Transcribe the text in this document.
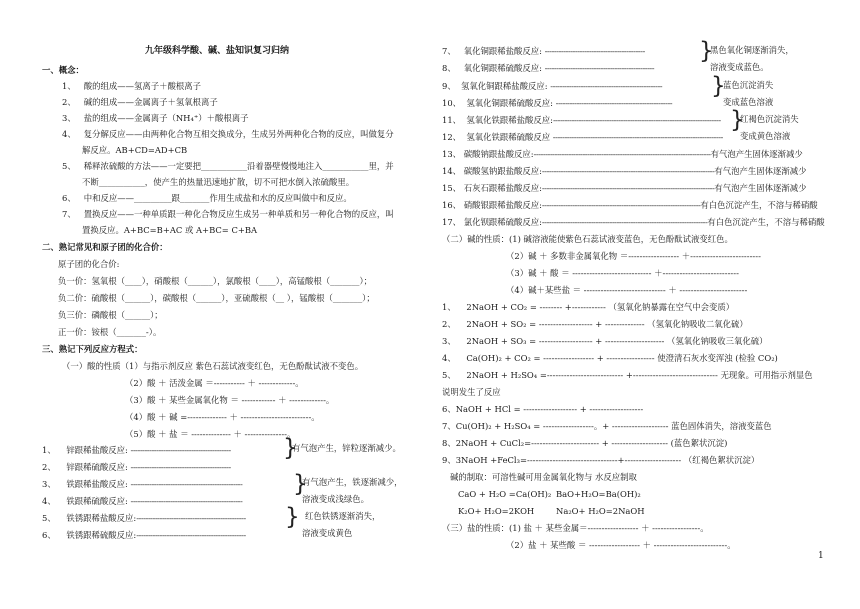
九年级科学酸、碱、盐知识复习归纳
一、概念：
1、 酸的组成——氢离子＋酸根离子
2、 碱的组成——金属离子＋氢氧根离子
3、 盐的组成——金属离子（NH₄⁺）＋酸根离子
4、 复分解反应——由两种化合物互相交换成分，生成另外两种化合物的反应，叫做复分
解反应。AB+CD=AD+CB
5、 稀释浓硫酸的方法——一定要把___________沿着器壁慢慢地注入___________里，并
不断___________，使产生的热量迅速地扩散，切不可把水倒入浓硫酸里。
6、 中和反应——_________跟_______作用生成盐和水的反应叫做中和反应。
7、 置换反应——一种单质跟一种化合物反应生成另一种单质和另一种化合物的反应，叫
置换反应。A+BC=B+AC 或 A+BC= C+BA
二、熟记常见和原子团的化合价：
原子团的化合价:
负一价：氢氧根（____），硝酸根（______），氯酸根（____），高锰酸根（_______）；
负二价：硫酸根（______），碳酸根（______），亚硫酸根（__ ），锰酸根（_______）；
负三价：磷酸根（______）；
正一价：铵根（_______-）。
三、熟记下列反应方程式：
（一）酸的性质（1）与指示剂反应 紫色石蕊试液变红色，无色酚酞试液不变色。
（2）酸 ＋ 活泼金属 ＝----------- ＋ -------------。
（3）酸 ＋ 某些金属氧化物 ＝ ------------ ＋ -------------。
（4）酸 ＋ 碱 =-------------- ＋ -------------------------。
（5）酸 ＋ 盐 ＝ -------------- ＋ ---------------。
1、 锌跟稀盐酸反应: -------------------------------------------
2、 锌跟稀硫酸反应: -------------------------------------------
}
有气泡产生，锌粒逐渐减少。
3、 铁跟稀盐酸反应: ------------------------------------------------
4、 铁跟稀硫酸反应: ------------------------------------------------
}
有气泡产生，铁逐渐减少，
溶液变成浅绿色。
5、 铁锈跟稀盐酸反应:-----------------------------------------------
6、 铁锈跟稀硫酸反应:-----------------------------------------------
} 红色铁锈逐渐消失，
溶液变成黄色
7、 氧化铜跟稀盐酸反应: -------------------------------------------
8、 氧化铜跟稀硫酸反应: -----------------------------------------------
}
黑色氧化铜逐渐消失，
溶液变成蓝色。
9、 氢氧化铜跟稀盐酸反应: ------------------------------------------------
10、 氢氧化铜跟稀硫酸反应: --------------------------------------------------
}
蓝色沉淀消失
变成蓝色溶液
11、 氢氧化铁跟稀盐酸反应:------------------------------------------------------------------------
12、 氢氧化铁跟稀硫酸反应 -------------------------------------------------------------------------
}
红褐色沉淀消失
变成黄色溶液
13、 碳酸钠跟盐酸反应:----------------------------------------------------------------------------有气泡产生固体逐渐减少
14、 碳酸氢钠跟盐酸反应:--------------------------------------------------------------------------有气泡产生固体逐渐减少
15、 石灰石跟稀盐酸反应:--------------------------------------------------------------------------有气泡产生固体逐渐减少
16、 硝酸银跟稀盐酸反应:--------------------------------------------------------------------有白色沉淀产生，不溶与稀硝酸
17、 氯化钡跟稀硫酸反应:-----------------------------------------------------------------------有白色沉淀产生，不溶与稀硝酸
（二）碱的性质：(1) 碱溶液能使紫色石蕊试液变蓝色，无色酚酞试液变红色。
（2）碱 ＋ 多数非金属氧化物 ＝------------------ ＋-------------------------
（3）碱 ＋ 酸 ＝ ---------------------------- ＋---------------------------
（4）碱＋某些盐 ＝ ----------------------------- ＋ ------------------------
1、 2NaOH + CO₂ = -------- +------------ （氢氧化钠暴露在空气中会变质）
2、 2NaOH + SO₂ = ------------------- + -------------- （氢氧化钠吸收二氧化硫）
3、 2NaOH + SO₃ = ------------------- + --------------------- （氢氧化钠吸收三氧化硫）
4、 Ca(OH)₂ + CO₂ = ------------------ + ----------------- 使澄清石灰水变浑浊 (检验 CO₂)
5、 2NaOH + H₂SO₄ =--------------------------- +------------------------------ 无现象。可用指示剂显色
说明发生了反应
6、NaOH + HCl = ------------------- + -------------------
7、Cu(OH)₂ + H₂SO₄ = ------------------。+ -------------------- 蓝色固体消失，溶液变蓝色
8、2NaOH + CuCl₂=------------------------ + -------------------- (蓝色絮状沉淀)
9、3NaOH +FeCl₃=--------------------------------+-------------------- （红褐色絮状沉淀）
碱的制取：可溶性碱可用金属氧化物与 水反应制取
CaO + H₂O =Ca(OH)₂ BaO+H₂O=Ba(OH)₂
K₂O+ H₂O=2KOH	Na₂O+ H₂O=2NaOH
（三）盐的性质：(1) 盐 ＋ 某些金属＝------------------ ＋ -----------------。
（2）盐 ＋ 某些酸 ＝ ------------------ ＋ --------------------------。
1
